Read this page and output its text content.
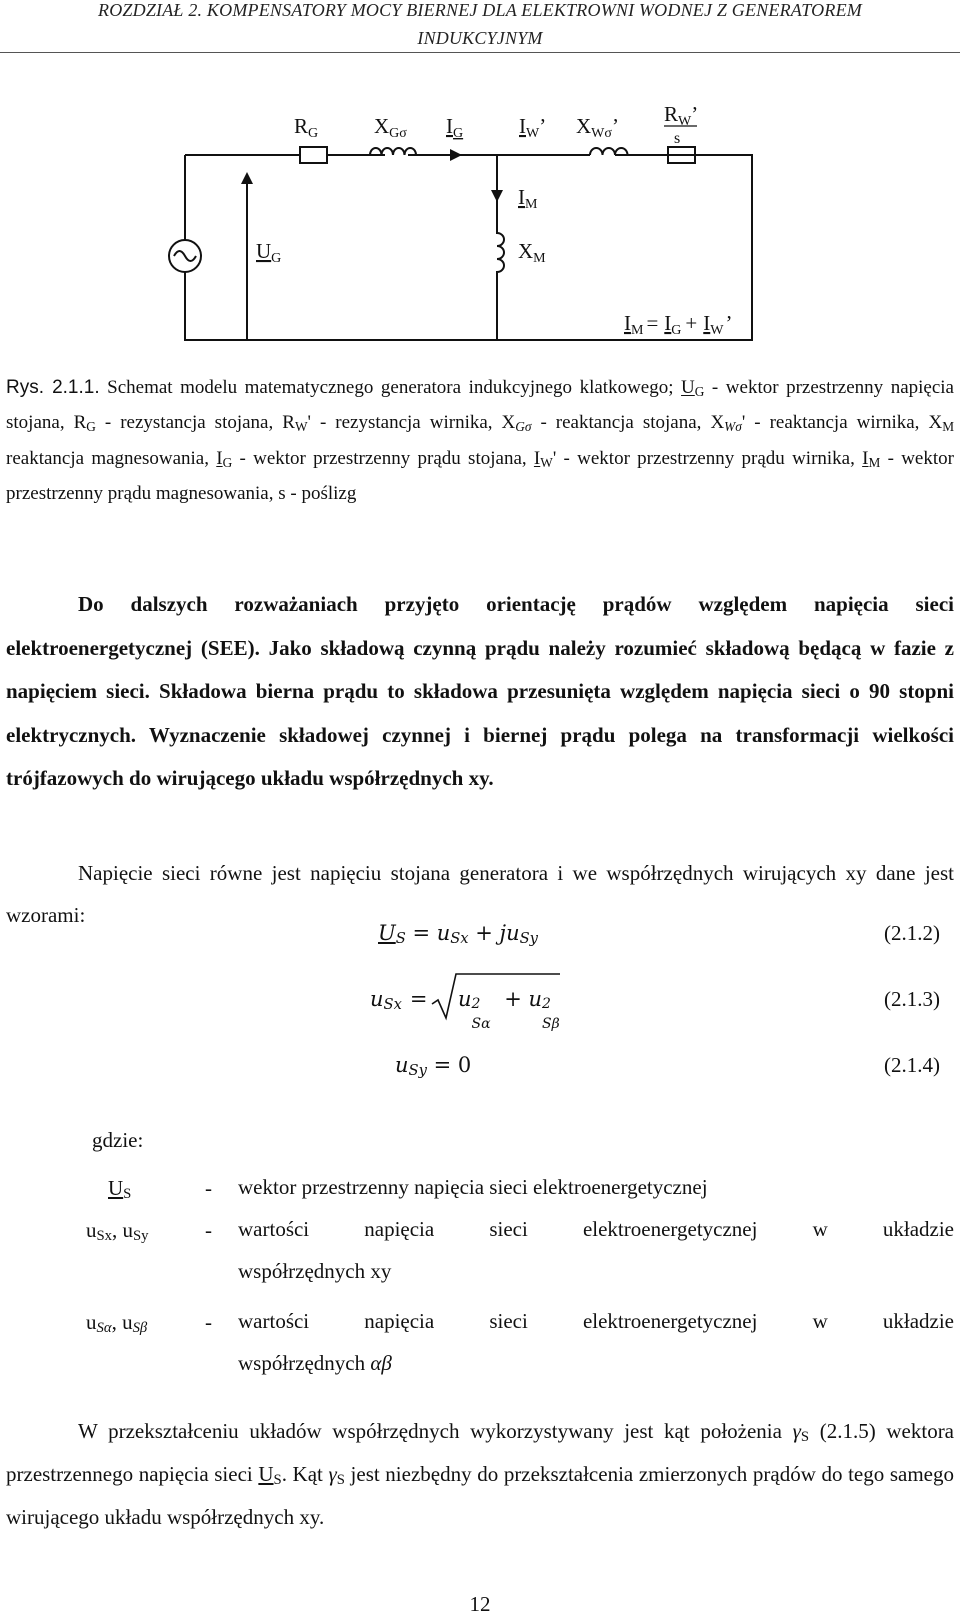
ROZDZIAŁ 2. KOMPENSATORY MOCY BIERNEJ DLA ELEKTROWNI WODNEJ Z GENERATOREM
INDUKCYJNYM
RG	XGσ IG	IW’ XWσ’ RW’
s
IM
UG	XM
IM = IG + IW’
Rys. 2.1.1. Schemat modelu matematycznego generatora indukcyjnego klatkowego; $U_G$ - wektor przestrzenny napięcia stojana, $R_G$ - rezystancja stojana, $R_W'$ - rezystancja wirnika, $X_{G\sigma}$ - reaktancja stojana, $X_{W\sigma}'$ - reaktancja wirnika, $X_M$ reaktancja magnesowania, $I_G$ - wektor przestrzenny prądu stojana, $I_W'$ - wektor przestrzenny prądu wirnika, $I_M$ - wektor przestrzenny prądu magnesowania, s - poślizg
Do dalszych rozważaniach przyjęto orientację prądów względem napięcia sieci elektroenergetycznej (SEE). Jako składową czynną prądu należy rozumieć składową będącą w fazie z napięciem sieci. Składowa bierna prądu to składowa przesunięta względem napięcia sieci o 90 stopni elektrycznych. Wyznaczenie składowej czynnej i biernej prądu polega na transformacji wielkości trójfazowych do wirującego układu współrzędnych xy.
Napięcie sieci równe jest napięciu stojana generatora i we współrzędnych wirujących xy dane jest wzorami:
$U_S = u_{Sx} + ju_{Sy}$	(2.1.2)
$u_{Sx}$ =	u 2
Sα
+ u 2
Sβ
(2.1.3)
$u_{Sy} = 0$	(2.1.4)
gdzie:
$U_S$	- wektor przestrzenny napięcia sieci elektroenergetycznej
$u_{Sx}$, $u_{Sy}$	- wartości napięcia sieci elektroenergetycznej w układzie
współrzędnych xy
$u_{S\alpha}$, $u_{S\beta}$	- wartości napięcia sieci elektroenergetycznej w układzie
współrzędnych αβ
W przekształceniu układów współrzędnych wykorzystywany jest kąt położenia $\gamma_S$ (2.1.5) wektora przestrzennego napięcia sieci $U_S$. Kąt $\gamma_S$ jest niezbędny do przekształcenia zmierzonych prądów do tego samego wirującego układu współrzędnych xy.
12
